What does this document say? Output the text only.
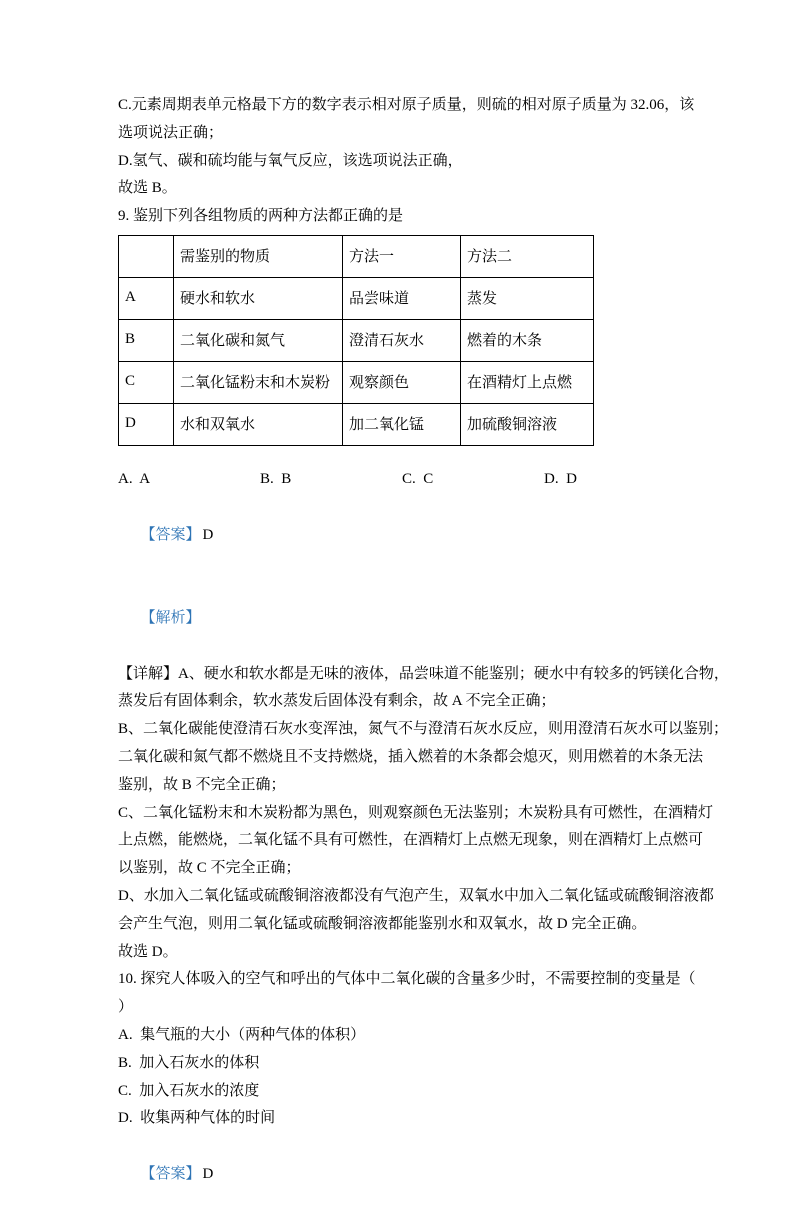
C.元素周期表单元格最下方的数字表示相对原子质量，则硫的相对原子质量为 32.06，该
选项说法正确；
D.氢气、碳和硫均能与氧气反应，该选项说法正确，
故选 B。
9. 鉴别下列各组物质的两种方法都正确的是
	需鉴别的物质	方法一	方法二
A	硬水和软水	品尝味道	蒸发
B	二氧化碳和氮气	澄清石灰水	燃着的木条
C	二氧化锰粉末和木炭粉	观察颜色	在酒精灯上点燃
D	水和双氧水	加二氧化锰	加硫酸铜溶液
A.  A	B.  B	C.  C	D.  D

【答案】 D

【解析】

【详解】A、硬水和软水都是无味的液体，品尝味道不能鉴别；硬水中有较多的钙镁化合物，
蒸发后有固体剩余，软水蒸发后固体没有剩余，故 A 不完全正确；
B、二氧化碳能使澄清石灰水变浑浊，氮气不与澄清石灰水反应，则用澄清石灰水可以鉴别；
二氧化碳和氮气都不燃烧且不支持燃烧，插入燃着的木条都会熄灭，则用燃着的木条无法
鉴别，故 B 不完全正确；
C、二氧化锰粉末和木炭粉都为黑色，则观察颜色无法鉴别；木炭粉具有可燃性，在酒精灯
上点燃，能燃烧，二氧化锰不具有可燃性，在酒精灯上点燃无现象，则在酒精灯上点燃可
以鉴别，故 C 不完全正确；
D、水加入二氧化锰或硫酸铜溶液都没有气泡产生，双氧水中加入二氧化锰或硫酸铜溶液都
会产生气泡，则用二氧化锰或硫酸铜溶液都能鉴别水和双氧水，故 D 完全正确。
故选 D。
10. 探究人体吸入的空气和呼出的气体中二氧化碳的含量多少时，不需要控制的变量是（
）
A.  集气瓶的大小（两种气体的体积）
B.  加入石灰水的体积
C.  加入石灰水的浓度
D.  收集两种气体的时间

【答案】 D
